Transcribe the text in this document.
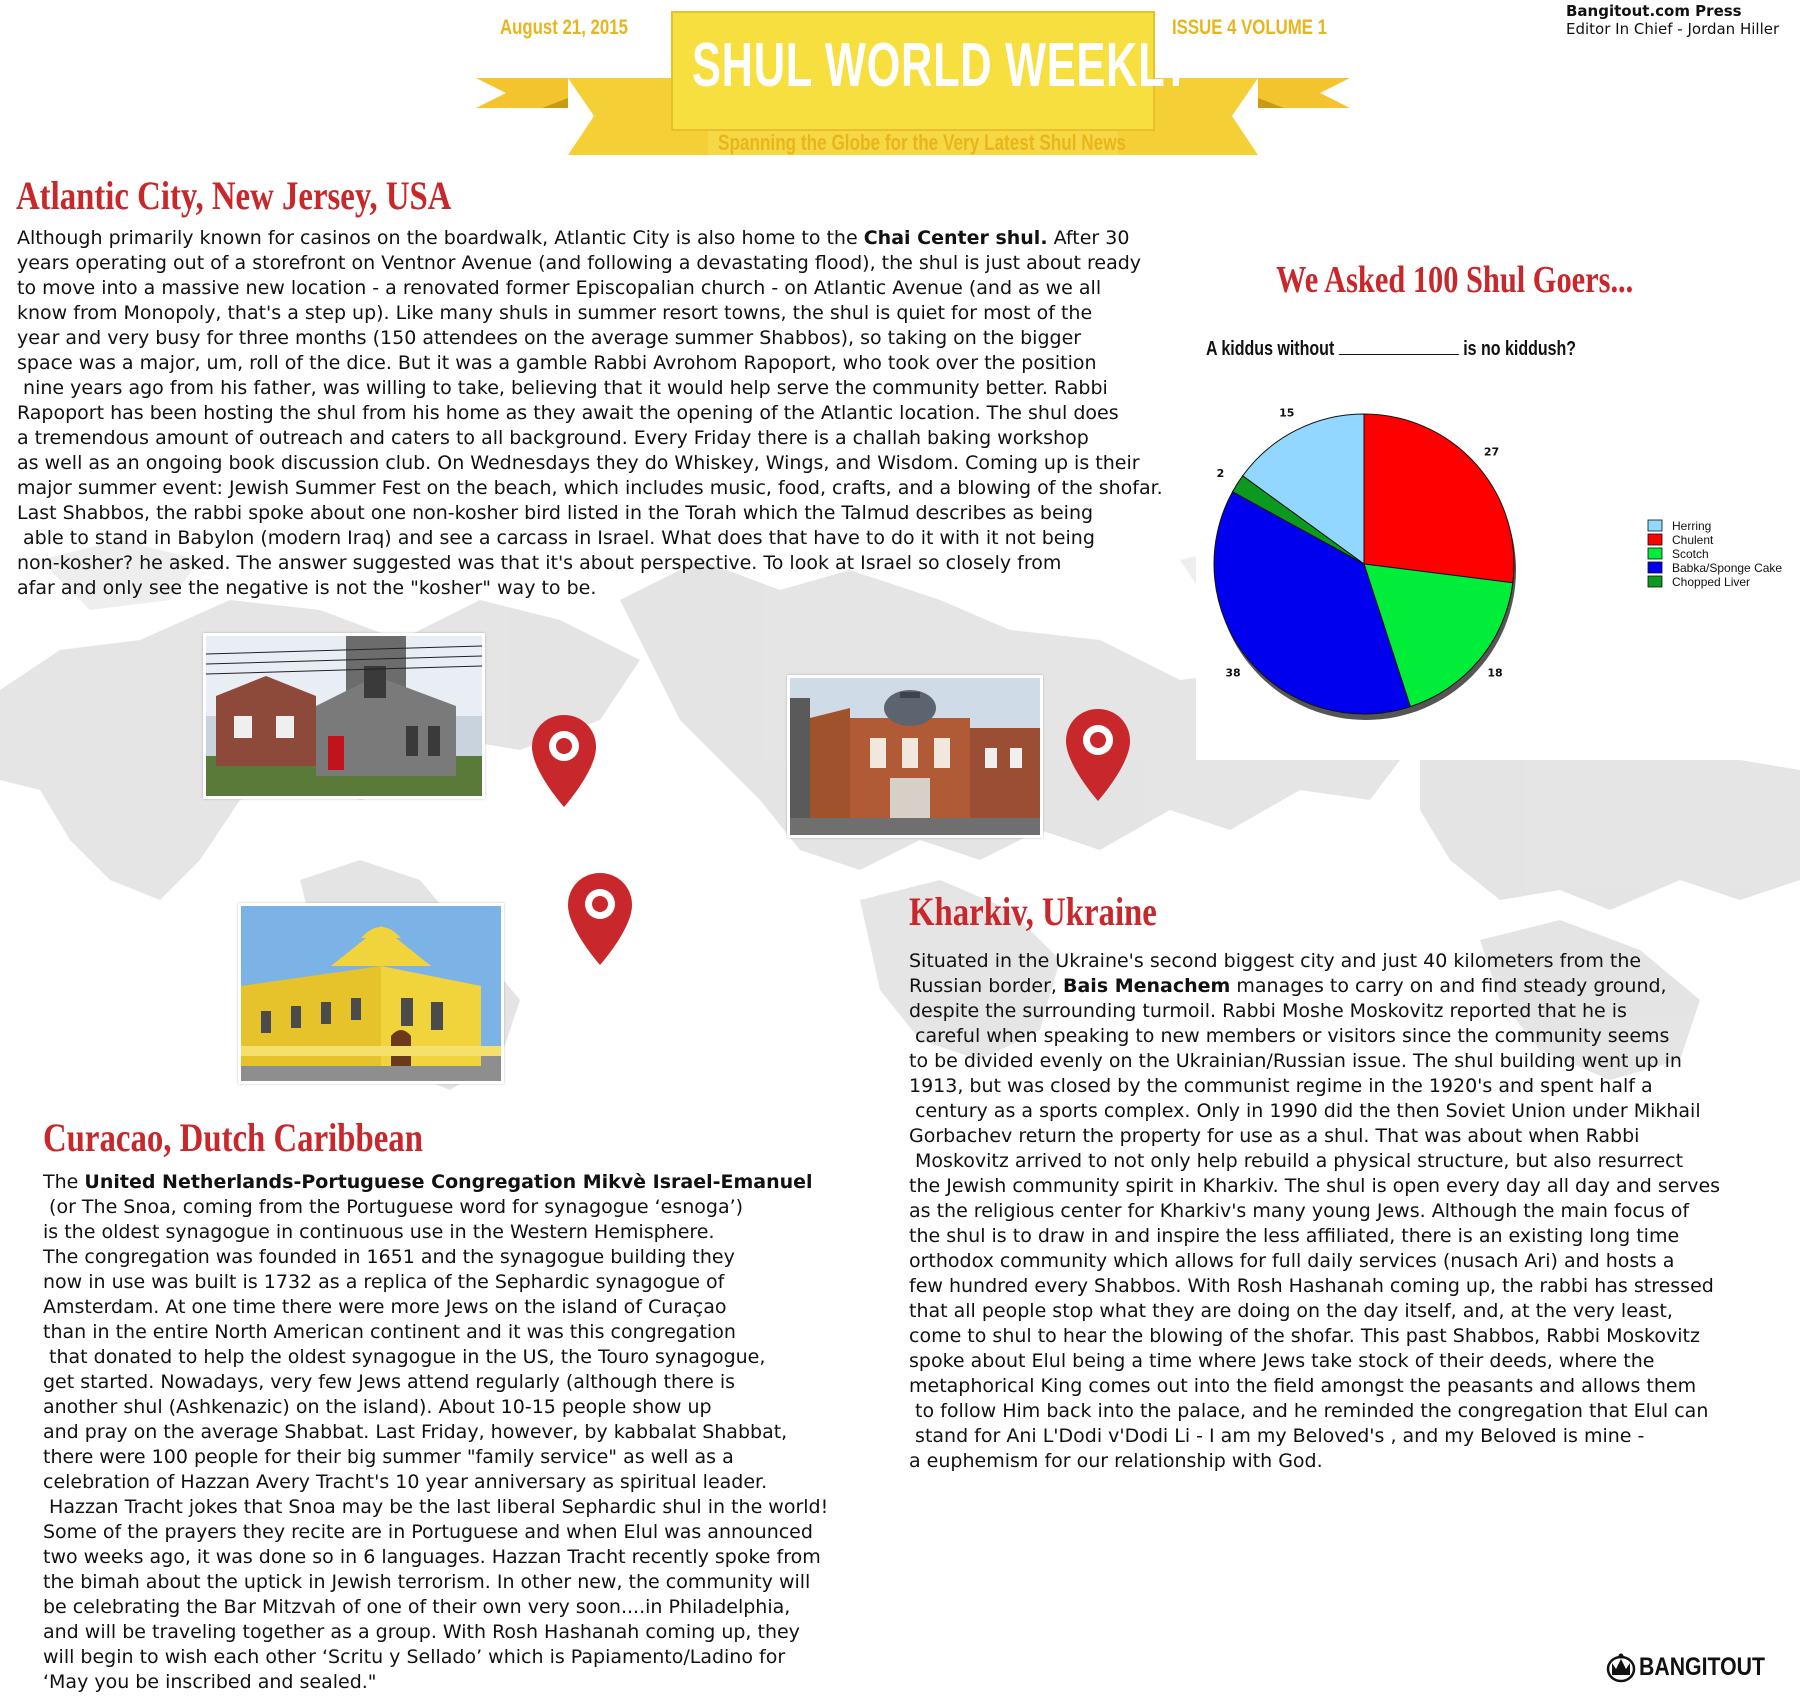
August 21, 2015	ISSUE 4 VOLUME 1
SHUL WORLD WEEKLY
Spanning the Globe for the Very Latest Shul News
Bangitout.com Press
Editor In Chief - Jordan Hiller
Atlantic City, New Jersey, USA
Although primarily known for casinos on the boardwalk, Atlantic City is also home to the Chai Center shul. After 30
years operating out of a storefront on Ventnor Avenue (and following a devastating flood), the shul is just about ready
to move into a massive new location - a renovated former Episcopalian church - on Atlantic Avenue (and as we all
know from Monopoly, that's a step up). Like many shuls in summer resort towns, the shul is quiet for most of the
year and very busy for three months (150 attendees on the average summer Shabbos), so taking on the bigger
space was a major, um, roll of the dice. But it was a gamble Rabbi Avrohom Rapoport, who took over the position
nine years ago from his father, was willing to take, believing that it would help serve the community better. Rabbi
Rapoport has been hosting the shul from his home as they await the opening of the Atlantic location. The shul does
a tremendous amount of outreach and caters to all background. Every Friday there is a challah baking workshop
as well as an ongoing book discussion club. On Wednesdays they do Whiskey, Wings, and Wisdom. Coming up is their
major summer event: Jewish Summer Fest on the beach, which includes music, food, crafts, and a blowing of the shofar.
Last Shabbos, the rabbi spoke about one non-kosher bird listed in the Torah which the Talmud describes as being
able to stand in Babylon (modern Iraq) and see a carcass in Israel. What does that have to do it with it not being
non-kosher? he asked. The answer suggested was that it's about perspective. To look at Israel so closely from
afar and only see the negative is not the "kosher" way to be.
We Asked 100 Shul Goers...
A kiddus without	is no kiddush?
15
27
18
38
2
Herring
Chulent
Scotch
Babka/Sponge Cake
Chopped Liver
Kharkiv, Ukraine
Situated in the Ukraine's second biggest city and just 40 kilometers from the
Russian border, Bais Menachem manages to carry on and find steady ground,
despite the surrounding turmoil. Rabbi Moshe Moskovitz reported that he is
careful when speaking to new members or visitors since the community seems
to be divided evenly on the Ukrainian/Russian issue. The shul building went up in
1913, but was closed by the communist regime in the 1920's and spent half a
century as a sports complex. Only in 1990 did the then Soviet Union under Mikhail
Gorbachev return the property for use as a shul. That was about when Rabbi
Moskovitz arrived to not only help rebuild a physical structure, but also resurrect
the Jewish community spirit in Kharkiv. The shul is open every day all day and serves
as the religious center for Kharkiv's many young Jews. Although the main focus of
the shul is to draw in and inspire the less affiliated, there is an existing long time
orthodox community which allows for full daily services (nusach Ari) and hosts a
few hundred every Shabbos. With Rosh Hashanah coming up, the rabbi has stressed
that all people stop what they are doing on the day itself, and, at the very least,
come to shul to hear the blowing of the shofar. This past Shabbos, Rabbi Moskovitz
spoke about Elul being a time where Jews take stock of their deeds, where the
metaphorical King comes out into the field amongst the peasants and allows them
to follow Him back into the palace, and he reminded the congregation that Elul can
stand for Ani L'Dodi v'Dodi Li - I am my Beloved's , and my Beloved is mine -
a euphemism for our relationship with God.
Curacao, Dutch Caribbean
The United Netherlands-Portuguese Congregation Mikvè Israel-Emanuel
(or The Snoa, coming from the Portuguese word for synagogue ‘esnoga’)
is the oldest synagogue in continuous use in the Western Hemisphere.
The congregation was founded in 1651 and the synagogue building they
now in use was built is 1732 as a replica of the Sephardic synagogue of
Amsterdam. At one time there were more Jews on the island of Curaçao
than in the entire North American continent and it was this congregation
that donated to help the oldest synagogue in the US, the Touro synagogue,
get started. Nowadays, very few Jews attend regularly (although there is
another shul (Ashkenazic) on the island). About 10-15 people show up
and pray on the average Shabbat. Last Friday, however, by kabbalat Shabbat,
there were 100 people for their big summer "family service" as well as a
celebration of Hazzan Avery Tracht's 10 year anniversary as spiritual leader.
Hazzan Tracht jokes that Snoa may be the last liberal Sephardic shul in the world!
Some of the prayers they recite are in Portuguese and when Elul was announced
two weeks ago, it was done so in 6 languages. Hazzan Tracht recently spoke from
the bimah about the uptick in Jewish terrorism. In other new, the community will
be celebrating the Bar Mitzvah of one of their own very soon....in Philadelphia,
and will be traveling together as a group. With Rosh Hashanah coming up, they
will begin to wish each other ‘Scritu y Sellado’ which is Papiamento/Ladino for
‘May you be inscribed and sealed."
BANGITOUT
